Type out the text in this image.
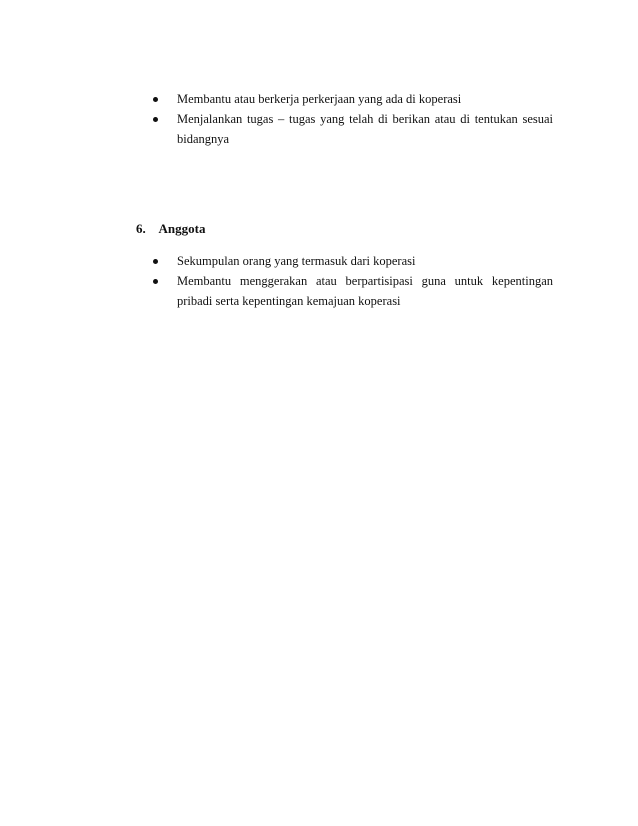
Membantu atau berkerja perkerjaan yang ada di koperasi
Menjalankan tugas – tugas yang telah di berikan atau di tentukan sesuai bidangnya
6. Anggota
Sekumpulan orang yang termasuk dari koperasi
Membantu menggerakan atau berpartisipasi guna untuk kepentingan pribadi serta kepentingan kemajuan koperasi
